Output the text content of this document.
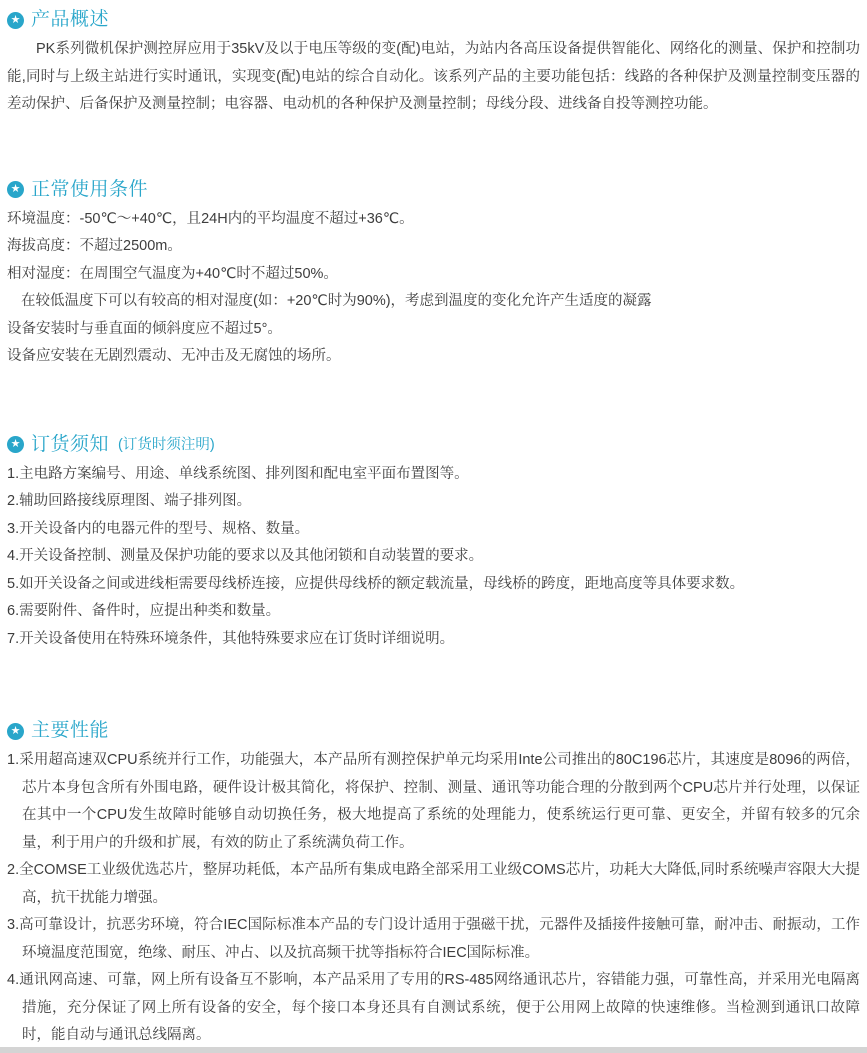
★ 产品概述

PK系列微机保护测控屏应用于35kV及以于电压等级的变(配)电站，为站内各高压设备提供智能化、网络化的测量、保护和控制功能,同时与上级主站进行实时通讯，实现变(配)电站的综合自动化。该系列产品的主要功能包括：线路的各种保护及测量控制变压器的差动保护、后备保护及测量控制；电容器、电动机的各种保护及测量控制；母线分段、进线备自投等测控功能。

★ 正常使用条件
环境温度：-50℃～+40℃，且24H内的平均温度不超过+36℃。
海拔高度：不超过2500m。
相对湿度：在周围空气温度为+40℃时不超过50%。
在较低温度下可以有较高的相对湿度(如：+20℃时为90%)，考虑到温度的变化允许产生适度的凝露
设备安装时与垂直面的倾斜度应不超过5°。
设备应安装在无剧烈震动、无冲击及无腐蚀的场所。
★ 订货须知 (订货时须注明)
1.主电路方案编号、用途、单线系统图、排列图和配电室平面布置图等。
2.辅助回路接线原理图、端子排列图。
3.开关设备内的电器元件的型号、规格、数量。
4.开关设备控制、测量及保护功能的要求以及其他闭锁和自动装置的要求。
5.如开关设备之间或进线柜需要母线桥连接，应提供母线桥的额定载流量，母线桥的跨度，距地高度等具体要求数。
6.需要附件、备件时，应提出种类和数量。
7.开关设备使用在特殊环境条件，其他特殊要求应在订货时详细说明。
★ 主要性能
1.采用超高速双CPU系统并行工作，功能强大，本产品所有测控保护单元均采用Inte公司推出的80C196芯片，其速度是8096的两倍，芯片本身包含所有外围电路，硬件设计极其简化，将保护、控制、测量、通讯等功能合理的分散到两个CPU芯片并行处理，以保证在其中一个CPU发生故障时能够自动切换任务，极大地提高了系统的处理能力，使系统运行更可靠、更安全，并留有较多的冗余量，利于用户的升级和扩展，有效的防止了系统满负荷工作。
2.全COMSE工业级优选芯片，整屏功耗低，本产品所有集成电路全部采用工业级COMS芯片，功耗大大降低,同时系统噪声容限大大提高，抗干扰能力增强。
3.高可靠设计，抗恶劣环境，符合IEC国际标准本产品的专门设计适用于强磁干扰，元器件及插接件接触可靠，耐冲击、耐振动，工作环境温度范围宽，绝缘、耐压、冲占、以及抗高频干扰等指标符合IEC国际标准。
4.通讯网高速、可靠，网上所有设备互不影响，本产品采用了专用的RS-485网络通讯芯片，容错能力强，可靠性高，并采用光电隔离措施，充分保证了网上所有设备的安全，每个接口本身还具有自测试系统，便于公用网上故障的快速维修。当检测到通讯口故障时，能自动与通讯总线隔离。
